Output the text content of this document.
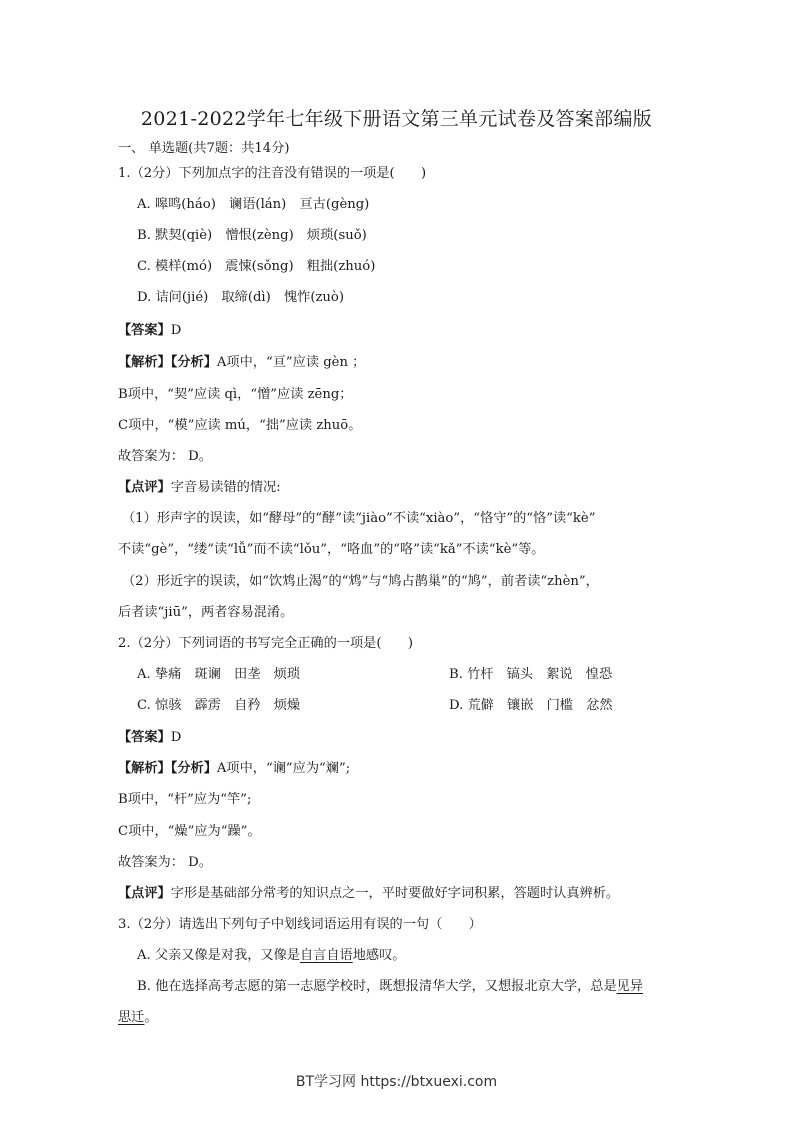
2021-2022学年七年级下册语文第三单元试卷及答案部编版
一、 单选题(共7题：共14分)
1.（2分）下列加点字的注音没有错误的一项是(　　)
A. 嗥鸣(háo)　谰语(lán)　亘古(gèng)
B. 默契(qiè)　憎恨(zèng)　烦琐(suǒ)
C. 模样(mó)　震悚(sǒng)　粗拙(zhuó)
D. 诘问(jié)　取缔(dì)　愧怍(zuò)
【答案】D
【解析】【分析】A项中，“亘”应读 gèn ；
B项中，“契”应读 qì，“憎”应读 zēng；
C项中，“模”应读 mú，“拙”应读 zhuō。
故答案为： D。
【点评】字音易读错的情况:
（1）形声字的误读，如“酵母”的“酵”读“jiào”不读“xiào”，“恪守”的“恪”读“kè”
不读“gè”，“缕”读“lǚ”而不读“lǒu”，“咯血”的“咯”读“kǎ”不读“kè”等。
（2）形近字的误读，如“饮鸩止渴”的“鸩”与“鸠占鹊巢”的“鸠”，前者读“zhèn”，
后者读“jiū”，两者容易混淆。
2.（2分）下列词语的书写完全正确的一项是(　　)
A. 挚痛　斑谰　田垄　烦琐	B. 竹杆　镐头　絮说　惶恐
C. 惊骇　霹雳　自矜　烦燥	D. 荒僻　镶嵌　门槛　忿然
【答案】D
【解析】【分析】A项中，“谰”应为“斓”;
B项中，“杆”应为“竿”;
C项中，“燥”应为“躁”。
故答案为： D。
【点评】字形是基础部分常考的知识点之一，平时要做好字词积累，答题时认真辨析。
3.（2分）请选出下列句子中划线词语运用有误的一句（　　）
A. 父亲又像是对我，又像是自言自语地感叹。
B. 他在选择高考志愿的第一志愿学校时，既想报清华大学，又想报北京大学，总是见异
思迁。
BT学习网 https://btxuexi.com
